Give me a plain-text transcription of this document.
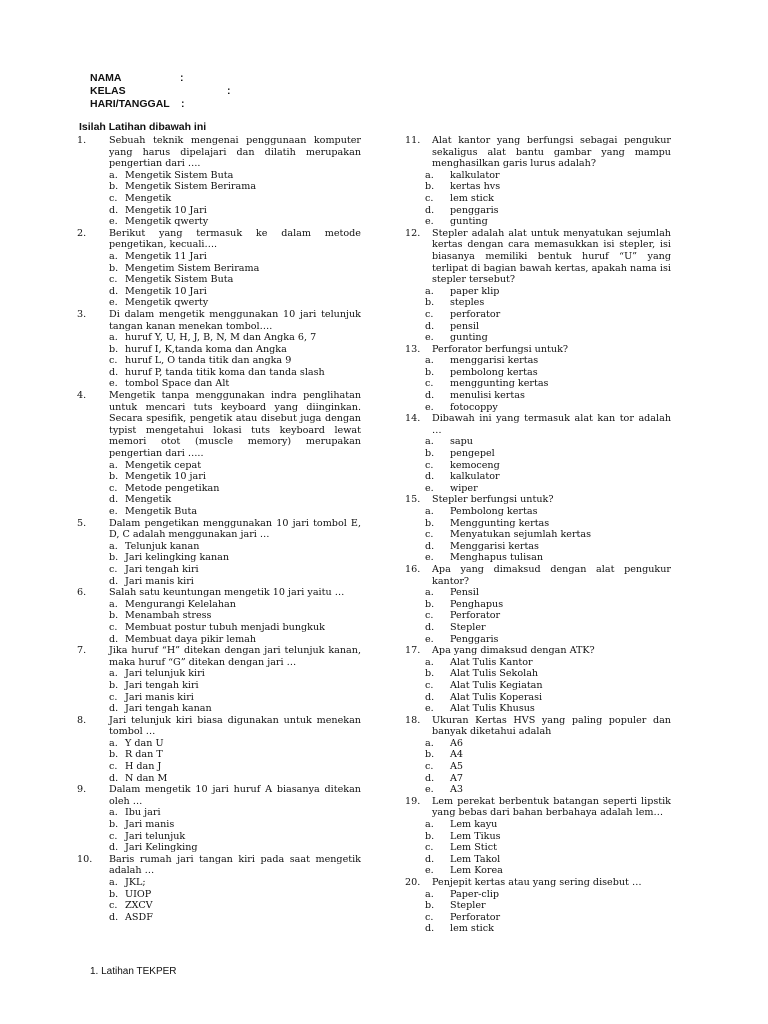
NAMA	:
KELAS	:
HARI/TANGGAL :
Isilah Latihan dibawah ini
1.	Sebuah teknik mengenai penggunaan komputer yang harus dipelajari dan dilatih merupakan pengertian dari ….
a. Mengetik Sistem Buta
b. Mengetik Sistem Berirama
c. Mengetik
d. Mengetik 10 Jari
e. Mengetik qwerty
2.	Berikut yang termasuk ke dalam metode pengetikan, kecuali….
a. Mengetik 11 Jari
b. Mengetim Sistem Berirama
c. Mengetik Sistem Buta
d. Mengetik 10 Jari
e. Mengetik qwerty
3.	Di dalam mengetik menggunakan 10 jari telunjuk tangan kanan menekan tombol….
a. huruf Y, U, H, J, B, N, M dan Angka 6, 7
b. huruf I, K,tanda koma dan Angka
c. huruf L, O tanda titik dan angka 9
d. huruf P, tanda titik koma dan tanda slash
e. tombol Space dan Alt
4.	Mengetik tanpa menggunakan indra penglihatan untuk mencari tuts keyboard yang diinginkan. Secara spesifik, pengetik atau disebut juga dengan typist mengetahui lokasi tuts keyboard lewat memori otot (muscle memory) merupakan pengertian dari …..
a. Mengetik cepat
b. Mengetik 10 jari
c. Metode pengetikan
d. Mengetik
e. Mengetik Buta
5.	Dalam pengetikan menggunakan 10 jari tombol E, D, C adalah menggunakan jari …
a. Telunjuk kanan
b. Jari kelingking kanan
c. Jari tengah kiri
d. Jari manis kiri
6.	Salah satu keuntungan mengetik 10 jari yaitu …
a. Mengurangi Kelelahan
b. Menambah stress
c. Membuat postur tubuh menjadi bungkuk
d. Membuat daya pikir lemah
7.	Jika huruf “H” ditekan dengan jari telunjuk kanan, maka huruf “G” ditekan dengan jari …
a. Jari telunjuk kiri
b. Jari tengah kiri
c. Jari manis kiri
d. Jari tengah kanan
8.	Jari telunjuk kiri biasa digunakan untuk menekan tombol …
a. Y dan U
b. R dan T
c. H dan J
d. N dan M
9.	Dalam mengetik 10 jari huruf A biasanya ditekan oleh …
a. Ibu jari
b. Jari manis
c. Jari telunjuk
d. Jari Kelingking
10.	Baris rumah jari tangan kiri pada saat mengetik adalah …
a. JKL;
b. UIOP
c. ZXCV
d. ASDF
11.	Alat kantor yang berfungsi sebagai pengukur sekaligus alat bantu gambar yang mampu menghasilkan garis lurus adalah?
a. kalkulator
b. kertas hvs
c. lem stick
d. penggaris
e. gunting
12.	Stepler adalah alat untuk menyatukan sejumlah kertas dengan cara memasukkan isi stepler, isi biasanya memiliki bentuk huruf “U” yang terlipat di bagian bawah kertas, apakah nama isi stepler tersebut?
a. paper klip
b. steples
c. perforator
d. pensil
e. gunting
13.	Perforator berfungsi untuk?
a. menggarisi kertas
b. pembolong kertas
c. menggunting kertas
d. menulisi kertas
e. fotocoppy
14.	Dibawah ini yang termasuk alat kan tor adalah …
a. sapu
b. pengepel
c. kemoceng
d. kalkulator
e. wiper
15.	Stepler berfungsi untuk?
a. Pembolong kertas
b. Menggunting kertas
c. Menyatukan sejumlah kertas
d. Menggarisi kertas
e. Menghapus tulisan
16.	Apa yang dimaksud dengan alat pengukur kantor?
a. Pensil
b. Penghapus
c. Perforator
d. Stepler
e. Penggaris
17.	Apa yang dimaksud dengan ATK?
a. Alat Tulis Kantor
b. Alat Tulis Sekolah
c. Alat Tulis Kegiatan
d. Alat Tulis Koperasi
e. Alat Tulis Khusus
18.	Ukuran Kertas HVS yang paling populer dan banyak diketahui adalah
a. A6
b. A4
c. A5
d. A7
e. A3
19.	Lem perekat berbentuk batangan seperti lipstik yang bebas dari bahan berbahaya adalah lem…
a. Lem kayu
b. Lem Tikus
c. Lem Stict
d. Lem Takol
e. Lem Korea
20.	Penjepit kertas atau yang sering disebut …
a. Paper-clip
b. Stepler
c. Perforator
d. lem stick
1. Latihan TEKPER
